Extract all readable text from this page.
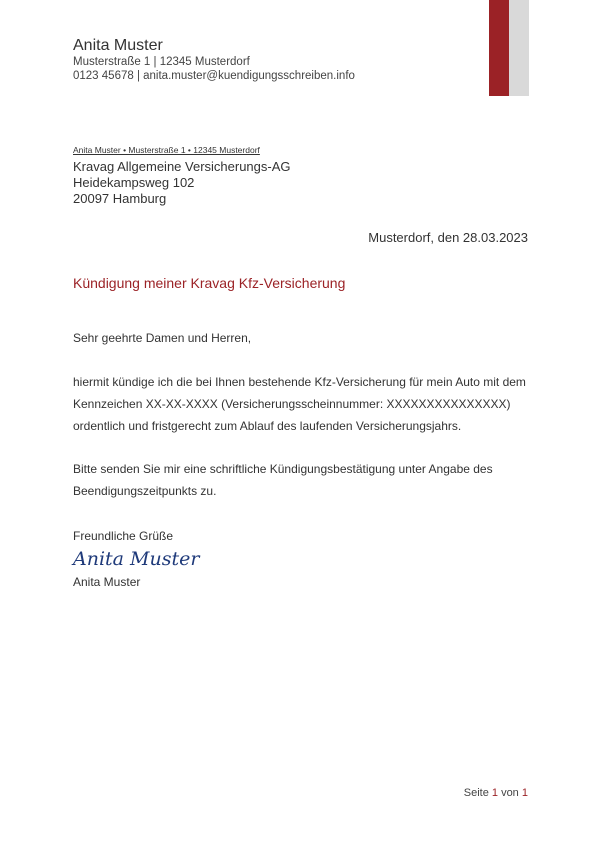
Anita Muster
Musterstraße 1 | 12345 Musterdorf
0123 45678 | anita.muster@kuendigungsschreiben.info
Anita Muster • Musterstraße 1 • 12345 Musterdorf
Kravag Allgemeine Versicherungs-AG
Heidekampsweg 102
20097 Hamburg
Musterdorf, den 28.03.2023
Kündigung meiner Kravag Kfz-Versicherung
Sehr geehrte Damen und Herren,
hiermit kündige ich die bei Ihnen bestehende Kfz-Versicherung für mein Auto mit dem
Kennzeichen XX-XX-XXXX (Versicherungsscheinnummer: XXXXXXXXXXXXXXX)
ordentlich und fristgerecht zum Ablauf des laufenden Versicherungsjahrs.
Bitte senden Sie mir eine schriftliche Kündigungsbestätigung unter Angabe des
Beendigungszeitpunkts zu.
Freundliche Grüße
Anita Muster
Anita Muster
Seite 1 von 1
